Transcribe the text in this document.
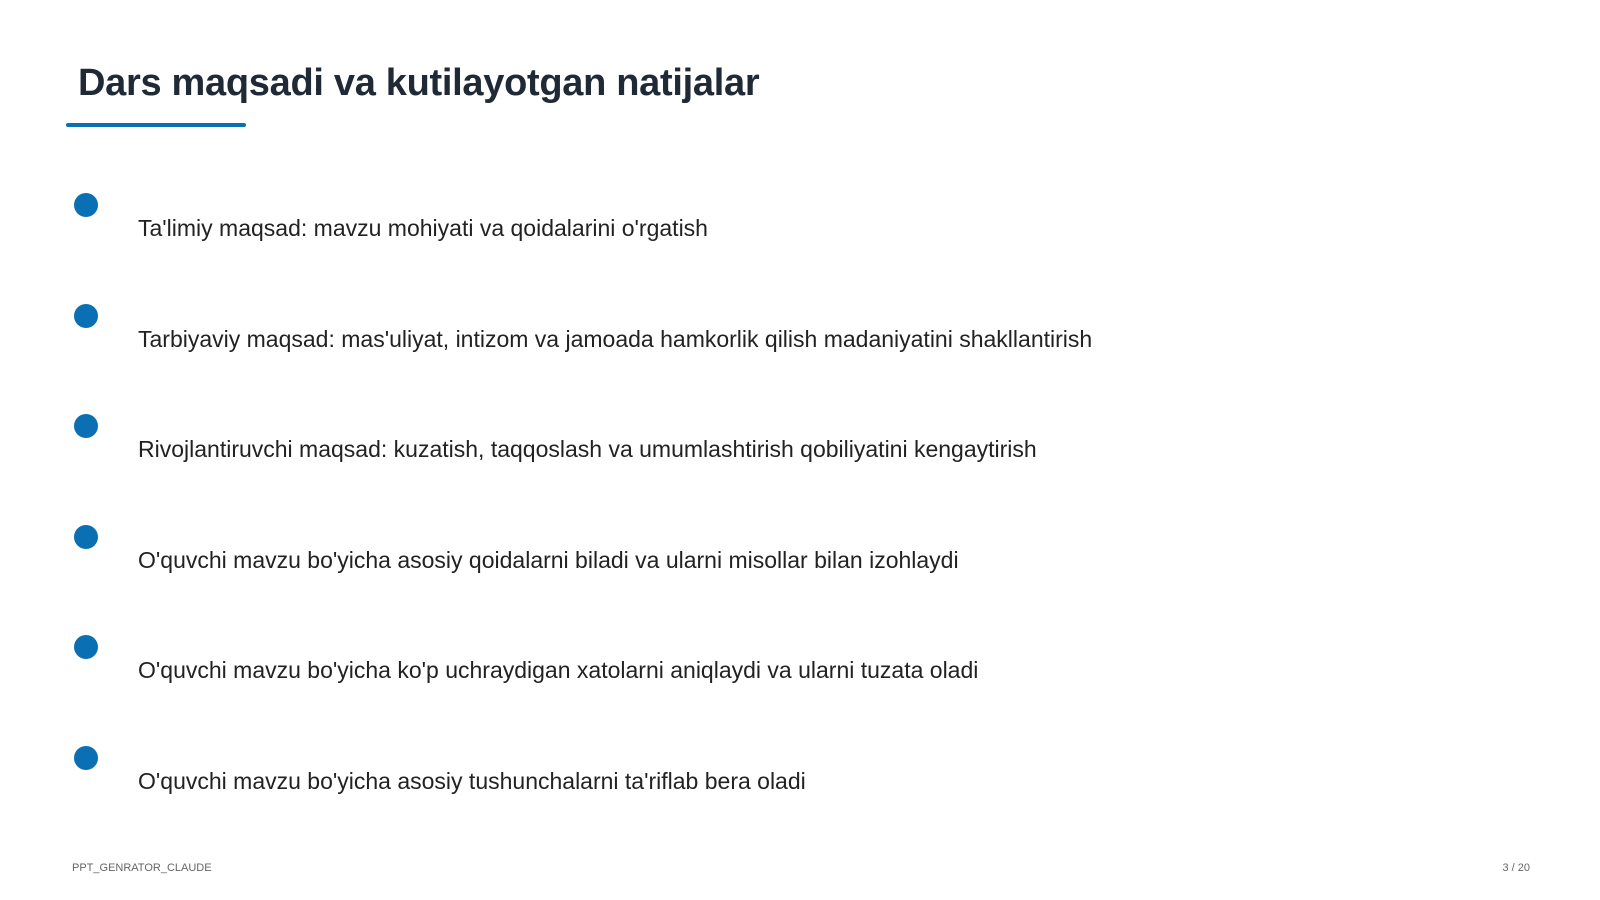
Dars maqsadi va kutilayotgan natijalar
Ta'limiy maqsad: mavzu mohiyati va qoidalarini o'rgatish
Tarbiyaviy maqsad: mas'uliyat, intizom va jamoada hamkorlik qilish madaniyatini shakllantirish
Rivojlantiruvchi maqsad: kuzatish, taqqoslash va umumlashtirish qobiliyatini kengaytirish
O'quvchi mavzu bo'yicha asosiy qoidalarni biladi va ularni misollar bilan izohlaydi
O'quvchi mavzu bo'yicha ko'p uchraydigan xatolarni aniqlaydi va ularni tuzata oladi
O'quvchi mavzu bo'yicha asosiy tushunchalarni ta'riflab bera oladi
PPT_GENRATOR_CLAUDE	3 / 20
